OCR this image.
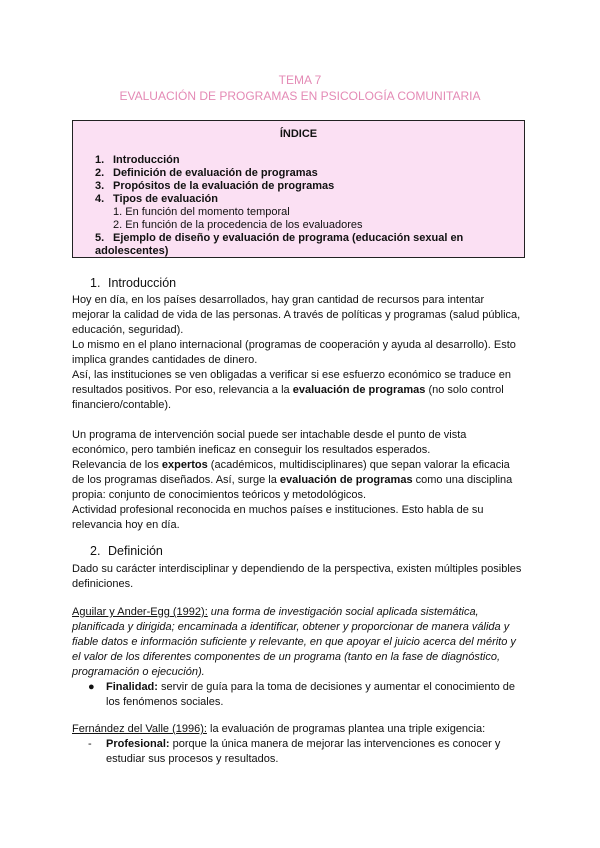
TEMA 7
EVALUACIÓN DE PROGRAMAS EN PSICOLOGÍA COMUNITARIA
ÍNDICE
1. Introducción
2. Definición de evaluación de programas
3. Propósitos de la evaluación de programas
4. Tipos de evaluación
1. En función del momento temporal
2. En función de la procedencia de los evaluadores
5. Ejemplo de diseño y evaluación de programa (educación sexual en
adolescentes)
1. Introducción
Hoy en día, en los países desarrollados, hay gran cantidad de recursos para intentar
mejorar la calidad de vida de las personas. A través de políticas y programas (salud pública,
educación, seguridad).
Lo mismo en el plano internacional (programas de cooperación y ayuda al desarrollo). Esto
implica grandes cantidades de dinero.
Así, las instituciones se ven obligadas a verificar si ese esfuerzo económico se traduce en
resultados positivos. Por eso, relevancia a la evaluación de programas (no solo control
financiero/contable).
Un programa de intervención social puede ser intachable desde el punto de vista
económico, pero también ineficaz en conseguir los resultados esperados.
Relevancia de los expertos (académicos, multidisciplinares) que sepan valorar la eficacia
de los programas diseñados. Así, surge la evaluación de programas como una disciplina
propia: conjunto de conocimientos teóricos y metodológicos.
Actividad profesional reconocida en muchos países e instituciones. Esto habla de su
relevancia hoy en día.
2. Definición
Dado su carácter interdisciplinar y dependiendo de la perspectiva, existen múltiples posibles
definiciones.
Aguilar y Ander-Egg (1992): una forma de investigación social aplicada sistemática,
planificada y dirigida; encaminada a identificar, obtener y proporcionar de manera válida y
fiable datos e información suficiente y relevante, en que apoyar el juicio acerca del mérito y
el valor de los diferentes componentes de un programa (tanto en la fase de diagnóstico,
programación o ejecución).
● Finalidad: servir de guía para la toma de decisiones y aumentar el conocimiento de
los fenómenos sociales.
Fernández del Valle (1996): la evaluación de programas plantea una triple exigencia:
- Profesional: porque la única manera de mejorar las intervenciones es conocer y
estudiar sus procesos y resultados.
